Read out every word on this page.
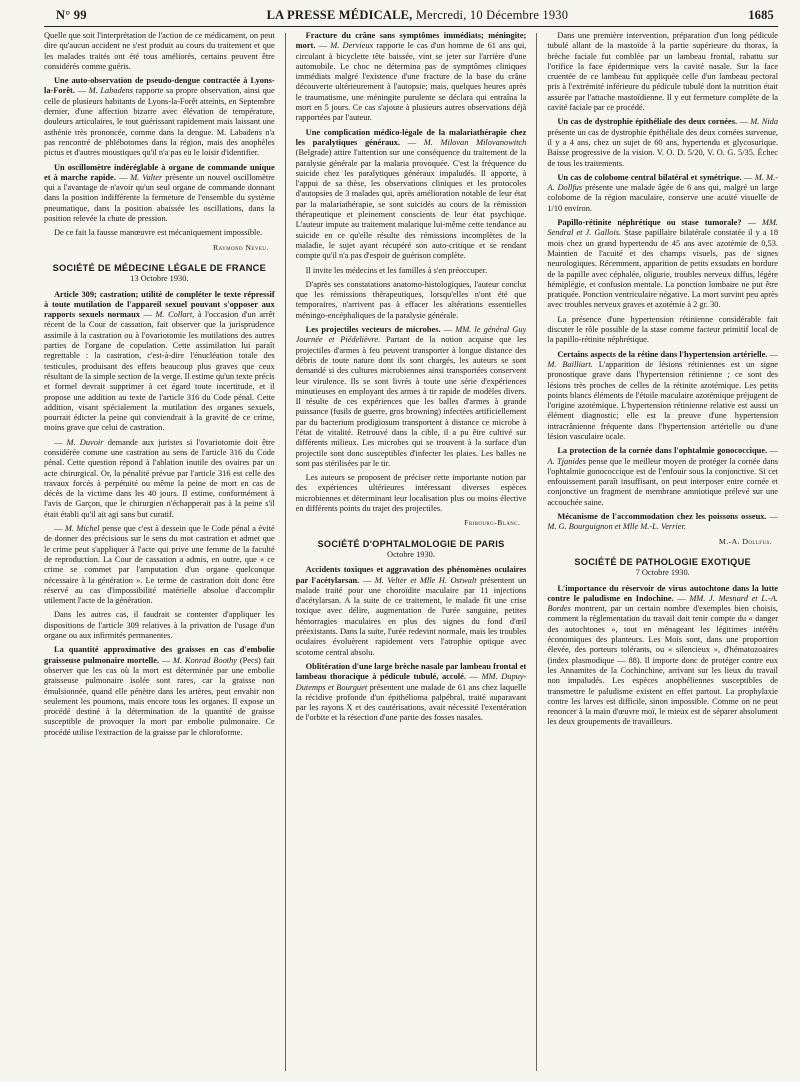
N° 99	LA PRESSE MÉDICALE, Mercredi, 10 Décembre 1930	1685

Quelle que soit l'interprétation de l'action de ce médicament, on peut dire qu'aucun accident ne s'est produit au cours du traitement et que les malades traités ont été tous améliorés, certains peuvent être considérés comme guéris.

Une auto-observation de pseudo-dengue contractée à Lyons-la-Forêt. — M. Labadens rapporte sa propre observation, ainsi que celle de plusieurs habitants de Lyons-la-Forêt atteints, en Septembre dernier, d'une affection bizarre avec élévation de température, douleurs articulaires, le tout guérissant rapidement mais laissant une asthénie très prononcée, comme dans la dengue. M. Labadens n'a pas rencontré de phlébotomes dans la région, mais des anophèles pictus et d'autres moustiques qu'il n'a pas eu le loisir d'identifier.

Un oscillomètre indéréglable à organe de commande unique et à marche rapide. — M. Valter présente un nouvel oscillomètre qui a l'avantage de n'avoir qu'un seul organe de commande donnant dans la position indifférente la fermeture de l'ensemble du système pneumatique, dans la position abaissée les oscillations, dans la position relevée la chute de pression.

De ce fait la fausse manœuvre est mécaniquement impossible.

Raymond Neveu.
SOCIÉTÉ DE MÉDECINE LÉGALE DE FRANCE
13 Octobre 1930.

Article 309; castration; utilité de compléter le texte répressif à toute mutilation de l'appareil sexuel pouvant s'opposer aux rapports sexuels normaux — M. Collart, à l'occasion d'un arrêt récent de la Cour de cassation, fait observer que la jurisprudence assimile à la castration ou à l'ovariotomie les mutilations des autres parties de l'organe de copulation. Cette assimilation lui paraît regrettable : la castration, c'est-à-dire l'énucléation totale des testicules, produisant des effets beaucoup plus graves que ceux résultant de la simple section de la verge. Il estime qu'un texte précis et formel devrait supprimer à cet égard toute incertitude, et il propose une addition au texte de l'article 316 du Code pénal. Cette addition, visant spécialement la mutilation des organes sexuels, pourrait édicter la peine qui conviendrait à la gravité de ce crime, moins grave que celui de castration.

— M. Duvoir demande aux juristes si l'ovariotomie doit être considérée comme une castration au sens de l'article 316 du Code pénal. Cette question répond à l'ablation inutile des ovaires par un acte chirurgical. Or, la pénalité prévue par l'article 316 est celle des travaux forcés à perpétuité ou même la peine de mort en cas de décès de la victime dans les 40 jours. Il estime, conformément à l'avis de Garçon, que le chirurgien n'échapperait pas à la peine s'il était établi qu'il ait agi sans but curatif.

— M. Michel pense que c'est à dessein que le Code pénal a évité de donner des précisions sur le sens du mot castration et admet que le crime peut s'appliquer à l'acte qui prive une femme de la faculté de reproduction. La Cour de cassation a admis, en outre, que « ce crime se commet par l'amputation d'un organe quelconque nécessaire à la génération ». Le terme de castration doit donc être réservé au cas d'impossibilité matérielle absolue d'accomplir utilement l'acte de la génération.

Dans les autres cas, il faudrait se contenter d'appliquer les dispositions de l'article 309 relatives à la privation de l'usage d'un organe ou aux infirmités permanentes.

La quantité approximative des graisses en cas d'embolie graisseuse pulmonaire mortelle. — M. Konrad Boothy (Pecs) fait observer que les cas où la mort est déterminée par une embolie graisseuse pulmonaire isolée sont rares, car la graisse non émulsionnée, quand elle pénètre dans les artères, peut envahir non seulement les poumons, mais encore tous les organes. Il expose un procédé destiné à la détermination de la quantité de graisse susceptible de provoquer la mort par embolie pulmonaire. Ce procédé utilise l'extraction de la graisse par le chloroforme.

Fracture du crâne sans symptômes immédiats; méningite; mort. — M. Derviеux rapporte le cas d'un homme de 61 ans qui, circulant à bicyclette tête baissée, vint se jeter sur l'arrière d'une automobile. Le choc ne détermina pas de symptômes cliniques immédiats malgré l'existence d'une fracture de la base du crâne découverte ultérieurement à l'autopsie; mais, quelques heures après le traumatisme, une méningite purulente se déclara qui entraîna la mort en 5 jours. Ce cas s'ajoute à plusieurs autres observations déjà rapportées par l'auteur.

Une complication médico-légale de la malariathérapie chez les paralytiques généraux. — M. Milovan Milovanowitch (Belgrade) attire l'attention sur une conséquence du traitement de la paralysie générale par la malaria provoquée. C'est la fréquence du suicide chez les paralytiques généraux impaludés. Il apporte, à l'appui de sa thèse, les observations cliniques et les protocoles d'autopsies de 3 malades qui, après amélioration notable de leur état par la malariathérapie, se sont suicidés au cours de la rémission thérapeutique et pleinement conscients de leur état psychique. L'auteur impute au traitement malarique lui-même cette tendance au suicide en ce qu'elle résulte des rémissions incomplètes de la maladie, le sujet ayant récupéré son auto-critique et se rendant compte qu'il n'a pas d'espoir de guérison complète.

Il invite les médecins et les familles à s'en préoccuper.

D'après ses constatations anatomo-histologiques, l'auteur conclut que les rémissions thérapeutiques, lorsqu'elles n'ont été que temporaires, n'arrivent pas à effacer les altérations essentielles méningo-encéphaliques de la paralysie générale.

Les projectiles vecteurs de microbes. — MM. le général Guy Journée et Piédelièvre. Partant de la notion acquise que les projectiles d'armes à feu peuvent transporter à longue distance des débris de toute nature dont ils sont chargés, les auteurs se sont demandé si des cultures microbiennes ainsi transportées conservent leur virulence. Ils se sont livrés à toute une série d'expériences minutieuses en employant des armes à tir rapide de modèles divers. Il résulte de ces expériences que les balles d'armes à grande puissance (fusils de guerre, gros browning) infectées artificiellement par du bacterium prodigiosum transportent à distance ce microbe à l'état de vitalité. Retrouvé dans la cible, il a pu être cultivé sur différents milieux. Les microbes qui se trouvent à la surface d'un projectile sont donc susceptibles d'infecter les plaies. Les balles ne sont pas stérilisées par le tir.

Les auteurs se proposent de préciser cette importante notion par des expériences ultérieures intéressant diverses espèces microbiennes et déterminant leur localisation plus ou moins élective en différents points du trajet des projectiles.

Fribourg-Blanc.
SOCIÉTÉ D'OPHTALMOLOGIE DE PARIS
Octobre 1930.

Accidents toxiques et aggravation des phénomènes oculaires par l'acétylarsan. — M. Velter et Mlle H. Ostwalt présentent un malade traité pour une choroïdite maculaire par 11 injections d'acétylarsan. A la suite de ce traitement, le malade fit une crise toxique avec délire, augmentation de l'urée sanguine, petites hémorragies maculaires en plus des signes du fond d'œil préexistants. Dans la suite, l'urée redevint normale, mais les troubles oculaires évoluèrent rapidement vers l'atrophie optique avec scotome central absolu.

Oblitération d'une large brèche nasale par lambeau frontal et lambeau thoracique à pédicule tubulé, accolé. — MM. Dupuy-Dutemps et Bourguet présentent une malade de 61 ans chez laquelle la récidive profonde d'un épithélioma palpébral, traité auparavant par les rayons X et des cautérisations, avait nécessité l'exentération de l'orbite et la résection d'une partie des fosses nasales.

Dans une première intervention, préparation d'un long pédicule tubulé allant de la mastoïde à la partie supérieure du thorax, la brèche faciale fut comblée par un lambeau frontal, rabattu sur l'orifice la face épidermique vers la cavité nasale. Sur la face cruentée de ce lambeau fut appliquée celle d'un lambeau pectoral pris à l'extrémité inférieure du pédicule tubulé dont la nutrition était assurée par l'attache mastoïdienne. Il y eut fermeture complète de la cavité faciale par ce procédé.

Un cas de dystrophie épithéliale des deux cornées. — M. Nida présente un cas de dystrophie épithéliale des deux cornées survenue, il y a 4 ans, chez un sujet de 60 ans, hypertendu et glycosurique. Baisse progressive de la vision. V. O. D. 5/20, V. O. G. 5/35. Échec de tous les traitements.

Un cas de colobome central bilatéral et symétrique. — M. M.-A. Dollfus présente une malade âgée de 6 ans qui, malgré un large colobome de la région maculaire, conserve une acuité visuelle de 1/10 environ.

Papillo-rétinite néphrétique ou stase tumorale? — MM. Sendral et J. Gallois. Stase papillaire bilatérale constatée il y a 18 mois chez un grand hypertendu de 45 ans avec azotémie de 0,53. Maintien de l'acuité et des champs visuels, pas de signes neurologiques. Récemment, apparition de petits exsudats en bordure de la papille avec céphalée, oligurie, troubles nerveux diffus, légère hémiplégie, et confusion mentale. La ponction lombaire ne put être pratiquée. Ponction ventriculaire négative. La mort survint peu après avec troubles nerveux graves et azotémie à 2 gr. 30.

La présence d'une hypertension rétinienne considérable fait discuter le rôle possible de la stase comme facteur primitif local de la papillo-rétinite néphrétique.

Certains aspects de la rétine dans l'hypertension artérielle. — M. Bailliart. L'apparition de lésions rétiniennes est un signe pronostique grave dans l'hypertension rétinienne ; ce sont des lésions très proches de celles de la rétinite azotémique. Les petits points blancs éléments de l'étoile maculaire azotémique préjugent de l'origine azotémique. L'hypertension rétinienne relative est aussi un élément diagnostic; elle est la preuve d'une hypertension intracrânienne fréquente dans l'hypertension artérielle ou d'une lésion vasculaire ocale.

La protection de la cornée dans l'ophtalmie gonococcique. — A. Tjanides pense que le meilleur moyen de protéger la cornée dans l'ophtalmie gonococcique est de l'enfouir sous la conjonctive. Si cet enfouissement paraît insuffisant, on peut interposer entre cornée et conjonctive un fragment de membrane amniotique prélevé sur une accouchée saine.

Mécanisme de l'accommodation chez les poissons osseux. — M. G. Bourguignon et Mlle M.-L. Verrier.

M.-A. Dollfus.
SOCIÉTÉ DE PATHOLOGIE EXOTIQUE
7 Octobre 1930.

L'importance du réservoir de virus autochtone dans la lutte contre le paludisme en Indochine. — MM. J. Mesnard et L.-A. Bordes montrent, par un certain nombre d'exemples bien choisis, comment la réglementation du travail doit tenir compte du « danger des autochtones », tout en ménageant les légitimes intérêts économiques des planteurs. Les Mois sont, dans une proportion élevée, des porteurs tolérants, ou « silencieux », d'hématozoaires (index plasmodique — 88). Il importe donc de protéger contre eux les Annamites de la Cochinchine, arrivant sur les lieux du travail non impaludés. Les espèces anophéliennes susceptibles de transmettre le paludisme existent en effet partout. La prophylaxie contre les larves est difficile, sinon impossible. Comme on ne peut renoncer à la main d'œuvre moï, le mieux est de séparer absolument les deux groupements de travailleurs.
